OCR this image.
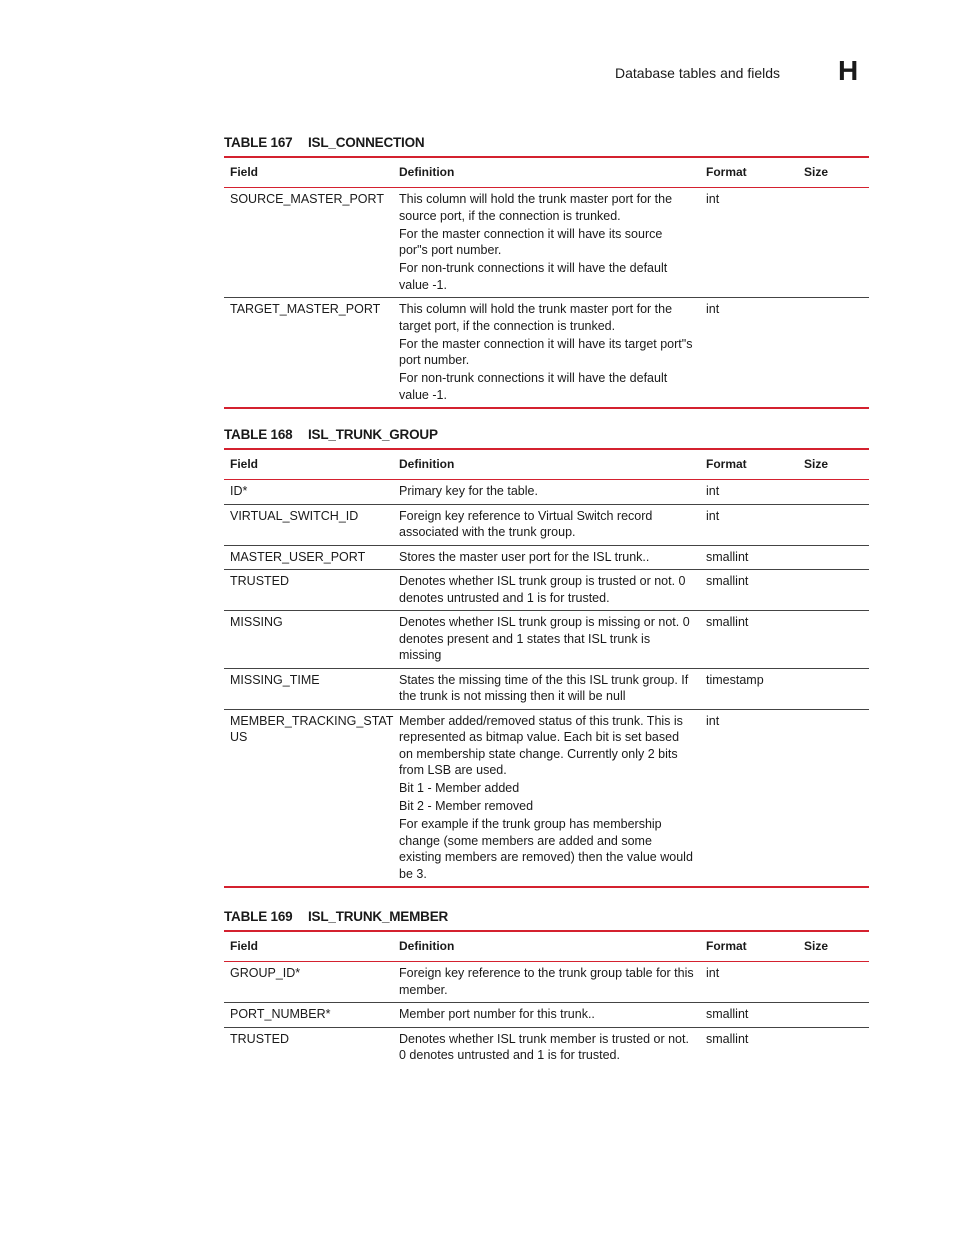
Database tables and fields H
TABLE 167 ISL_CONNECTION
Field	Definition	Format	Size
SOURCE_MASTER_PORT	This column will hold the trunk master port for the source port, if the connection is trunked.

For the master connection it will have its source por"s port number.

For non-trunk connections it will have the default value -1.	int	
TARGET_MASTER_PORT	This column will hold the trunk master port for the target port, if the connection is trunked.

For the master connection it will have its target port"s port number.

For non-trunk connections it will have the default value -1.	int	
TABLE 168 ISL_TRUNK_GROUP
Field	Definition	Format	Size
ID*	Primary key for the table.	int	
VIRTUAL_SWITCH_ID	Foreign key reference to Virtual Switch record associated with the trunk group.	int	
MASTER_USER_PORT	Stores the master user port for the ISL trunk..	smallint	
TRUSTED	Denotes whether ISL trunk group is trusted or not. 0 denotes untrusted and 1 is for trusted.	smallint	
MISSING	Denotes whether ISL trunk group is missing or not. 0 denotes present and 1 states that ISL trunk is missing	smallint	
MISSING_TIME	States the missing time of the this ISL trunk group. If the trunk is not missing then it will be null	timestamp	
MEMBER_TRACKING_STAT US	Member added/removed status of this trunk. This is represented as bitmap value. Each bit is set based on membership state change. Currently only 2 bits from LSB are used.

Bit 1 - Member added

Bit 2 - Member removed

For example if the trunk group has membership change (some members are added and some existing members are removed) then the value would be 3.	int	
TABLE 169 ISL_TRUNK_MEMBER
Field	Definition	Format	Size
GROUP_ID*	Foreign key reference to the trunk group table for this member.	int	
PORT_NUMBER*	Member port number for this trunk..	smallint	
TRUSTED	Denotes whether ISL trunk member is trusted or not. 0 denotes untrusted and 1 is for trusted.	smallint	
